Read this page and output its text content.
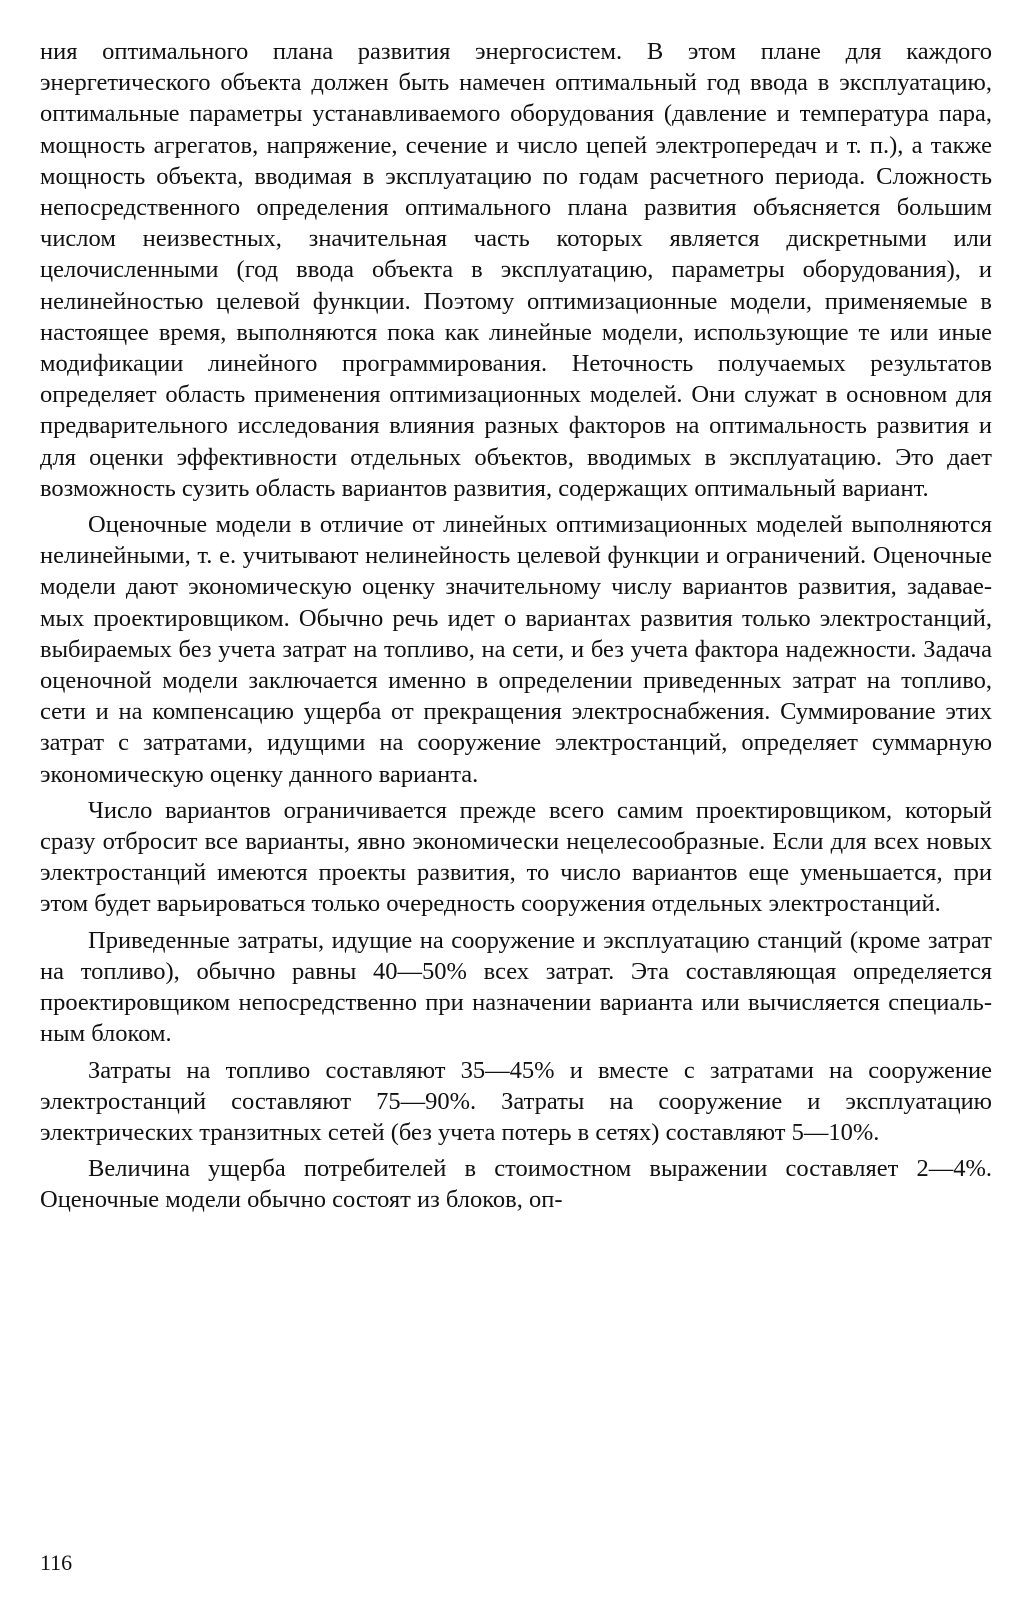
ния оптимального плана развития энергосистем. В этом плане для каждого энергетического объекта должен быть намечен оптимальный год ввода в эксплуатацию, оптимальные параметры устанавливаемого оборудования (давление и температура пара, мощность агрегатов, напряжение, сечение и число цепей электропередач и т. п.), а также мощность объекта, вводимая в эксплуатацию по годам расчетного периода. Сложность непосредственного определения оптимального плана развития объясняется большим числом неизвестных, значительная часть которых является дискретными или целочисленными (год ввода объекта в эксплуатацию, параметры оборудования), и нелинейностью целевой функции. Поэтому оптимизационные модели, применяемые в настоящее время, выполняются пока как линейные модели, использующие те или иные модификации линейного программирования. Неточность получаемых результатов определяет область применения оптимизационных моделей. Они служат в основном для предварительного исследования влияния разных факторов на оптимальность развития и для оценки эффективности отдельных объектов, вводимых в эксплуатацию. Это дает возможность сузить область вариантов развития, содержащих оптимальный вариант.

Оценочные модели в отличие от линейных оптимизационных моделей выполняются нелинейными, т. е. учитывают нелинейность целевой функции и ограничений. Оценочные модели дают экономическую оценку значительному числу вариантов развития, задаваемых проектировщиком. Обычно речь идет о вариантах развития только электростанций, выбираемых без учета затрат на топливо, на сети, и без учета фактора надежности. Задача оценочной модели заключается именно в определении приведенных затрат на топливо, сети и на компенсацию ущерба от прекращения электроснабжения. Суммирование этих затрат с затратами, идущими на сооружение электростанций, определяет суммарную экономическую оценку данного варианта.

Число вариантов ограничивается прежде всего самим проектировщиком, который сразу отбросит все варианты, явно экономически нецелесообразные. Если для всех новых электростанций имеются проекты развития, то число вариантов еще уменьшается, при этом будет варьироваться только очередность сооружения отдельных электростанций.

Приведенные затраты, идущие на сооружение и эксплуатацию станций (кроме затрат на топливо), обычно равны 40—50% всех затрат. Эта составляющая определяется проектировщиком непосредственно при назначении варианта или вычисляется специальным блоком.

Затраты на топливо составляют 35—45% и вместе с затратами на сооружение электростанций составляют 75—90%. Затраты на сооружение и эксплуатацию электрических транзитных сетей (без учета потерь в сетях) составляют 5—10%.

Величина ущерба потребителей в стоимостном выражении составляет 2—4%. Оценочные модели обычно состоят из блоков, оп-

116
